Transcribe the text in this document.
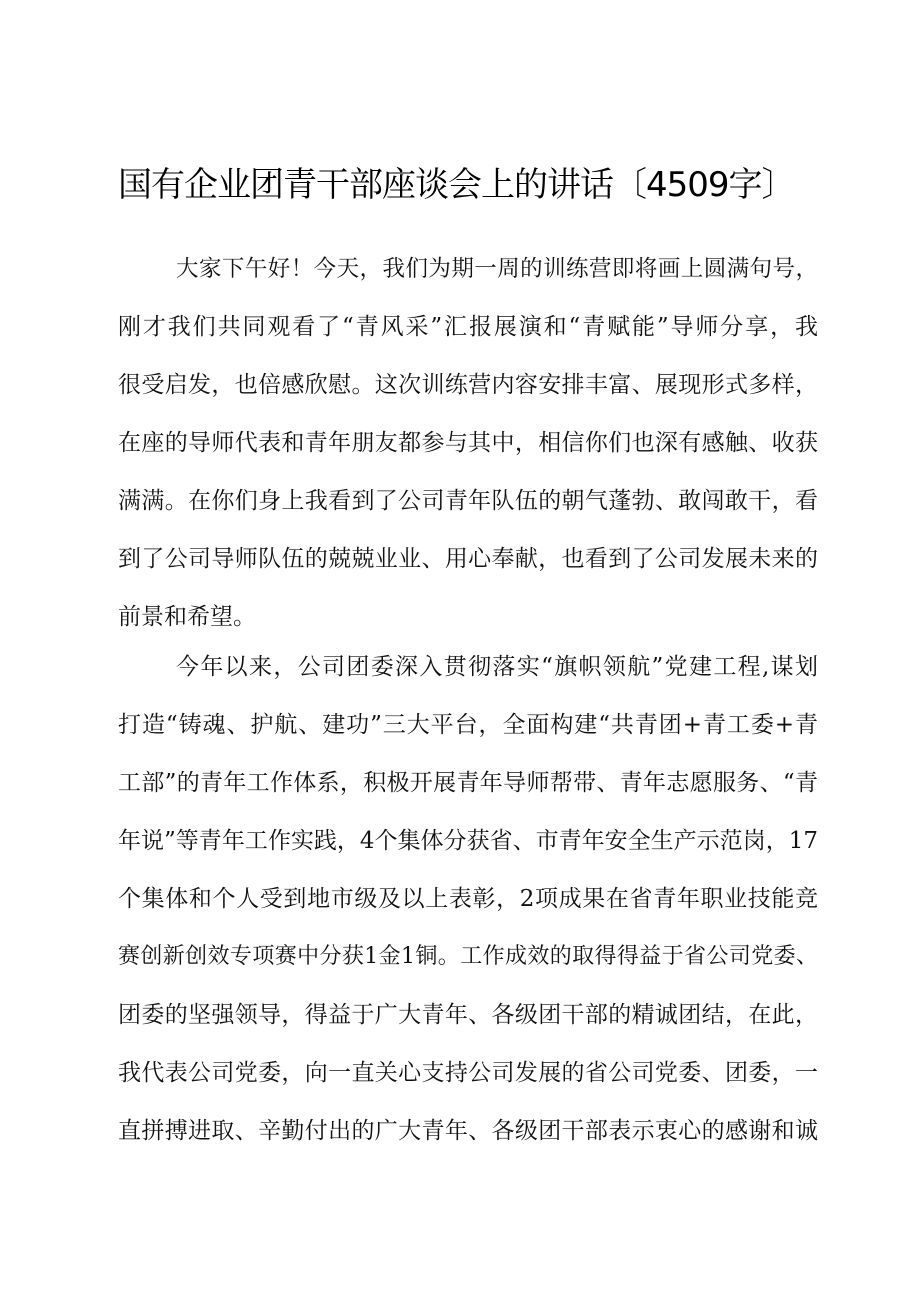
国有企业团青干部座谈会上的讲话〔4509字〕
大家下午好！今天，我们为期一周的训练营即将画上圆满句号，
刚才我们共同观看了“青风采”汇报展演和“青赋能”导师分享，我
很受启发，也倍感欣慰。这次训练营内容安排丰富、展现形式多样，
在座的导师代表和青年朋友都参与其中，相信你们也深有感触、收获
满满。在你们身上我看到了公司青年队伍的朝气蓬勃、敢闯敢干，看
到了公司导师队伍的兢兢业业、用心奉献，也看到了公司发展未来的
前景和希望。
今年以来，公司团委深入贯彻落实“旗帜领航”党建工程,谋划
打造“铸魂、护航、建功”三大平台，全面构建“共青团+青工委+青
工部”的青年工作体系，积极开展青年导师帮带、青年志愿服务、“青
年说”等青年工作实践，4个集体分获省、市青年安全生产示范岗，17
个集体和个人受到地市级及以上表彰，2项成果在省青年职业技能竞
赛创新创效专项赛中分获1金1铜。工作成效的取得得益于省公司党委、
团委的坚强领导，得益于广大青年、各级团干部的精诚团结，在此，
我代表公司党委，向一直关心支持公司发展的省公司党委、团委，一
直拼搏进取、辛勤付出的广大青年、各级团干部表示衷心的感谢和诚
